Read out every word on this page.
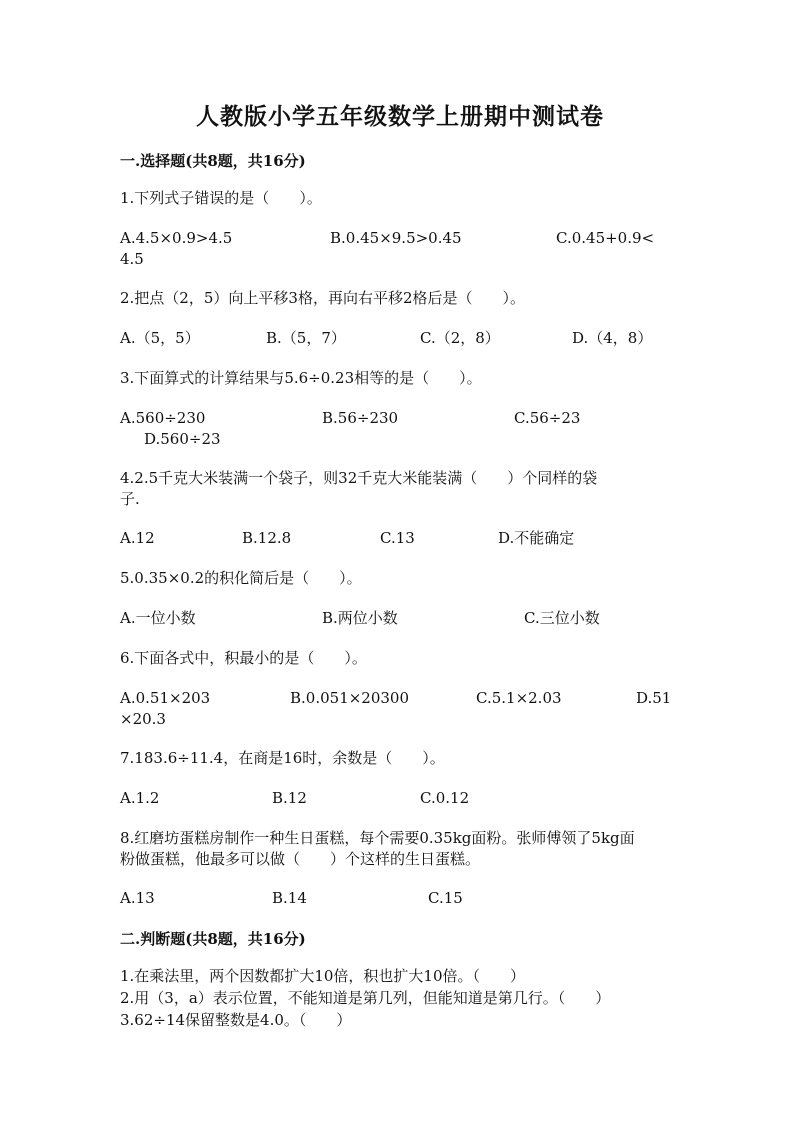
人教版小学五年级数学上册期中测试卷
一.选择题(共8题，共16分)
1.下列式子错误的是（　　）。
A.4.5×0.9>4.5	B.0.45×9.5>0.45	C.0.45+0.9<
4.5
2.把点（2，5）向上平移3格，再向右平移2格后是（　　）。
A.（5，5）	B.（5，7）	C.（2，8）	D.（4，8）
3.下面算式的计算结果与5.6÷0.23相等的是（　　）。
A.560÷230	B.56÷230	C.56÷23
D.560÷23
4.2.5千克大米装满一个袋子，则32千克大米能装满（　　）个同样的袋
子.
A.12	B.12.8	C.13	D.不能确定
5.0.35×0.2的积化简后是（　　）。
A.一位小数	B.两位小数	C.三位小数
6.下面各式中，积最小的是（　　）。
A.0.51×203	B.0.051×20300	C.5.1×2.03	D.51
×20.3
7.183.6÷11.4，在商是16时，余数是（　　）。
A.1.2	B.12	C.0.12
8.红磨坊蛋糕房制作一种生日蛋糕，每个需要0.35kg面粉。张师傅领了5kg面
粉做蛋糕，他最多可以做（　　）个这样的生日蛋糕。
A.13	B.14	C.15
二.判断题(共8题，共16分)
1.在乘法里，两个因数都扩大10倍，积也扩大10倍。（　　）
2.用（3，a）表示位置，不能知道是第几列，但能知道是第几行。（　　）
3.62÷14保留整数是4.0。（　　）
